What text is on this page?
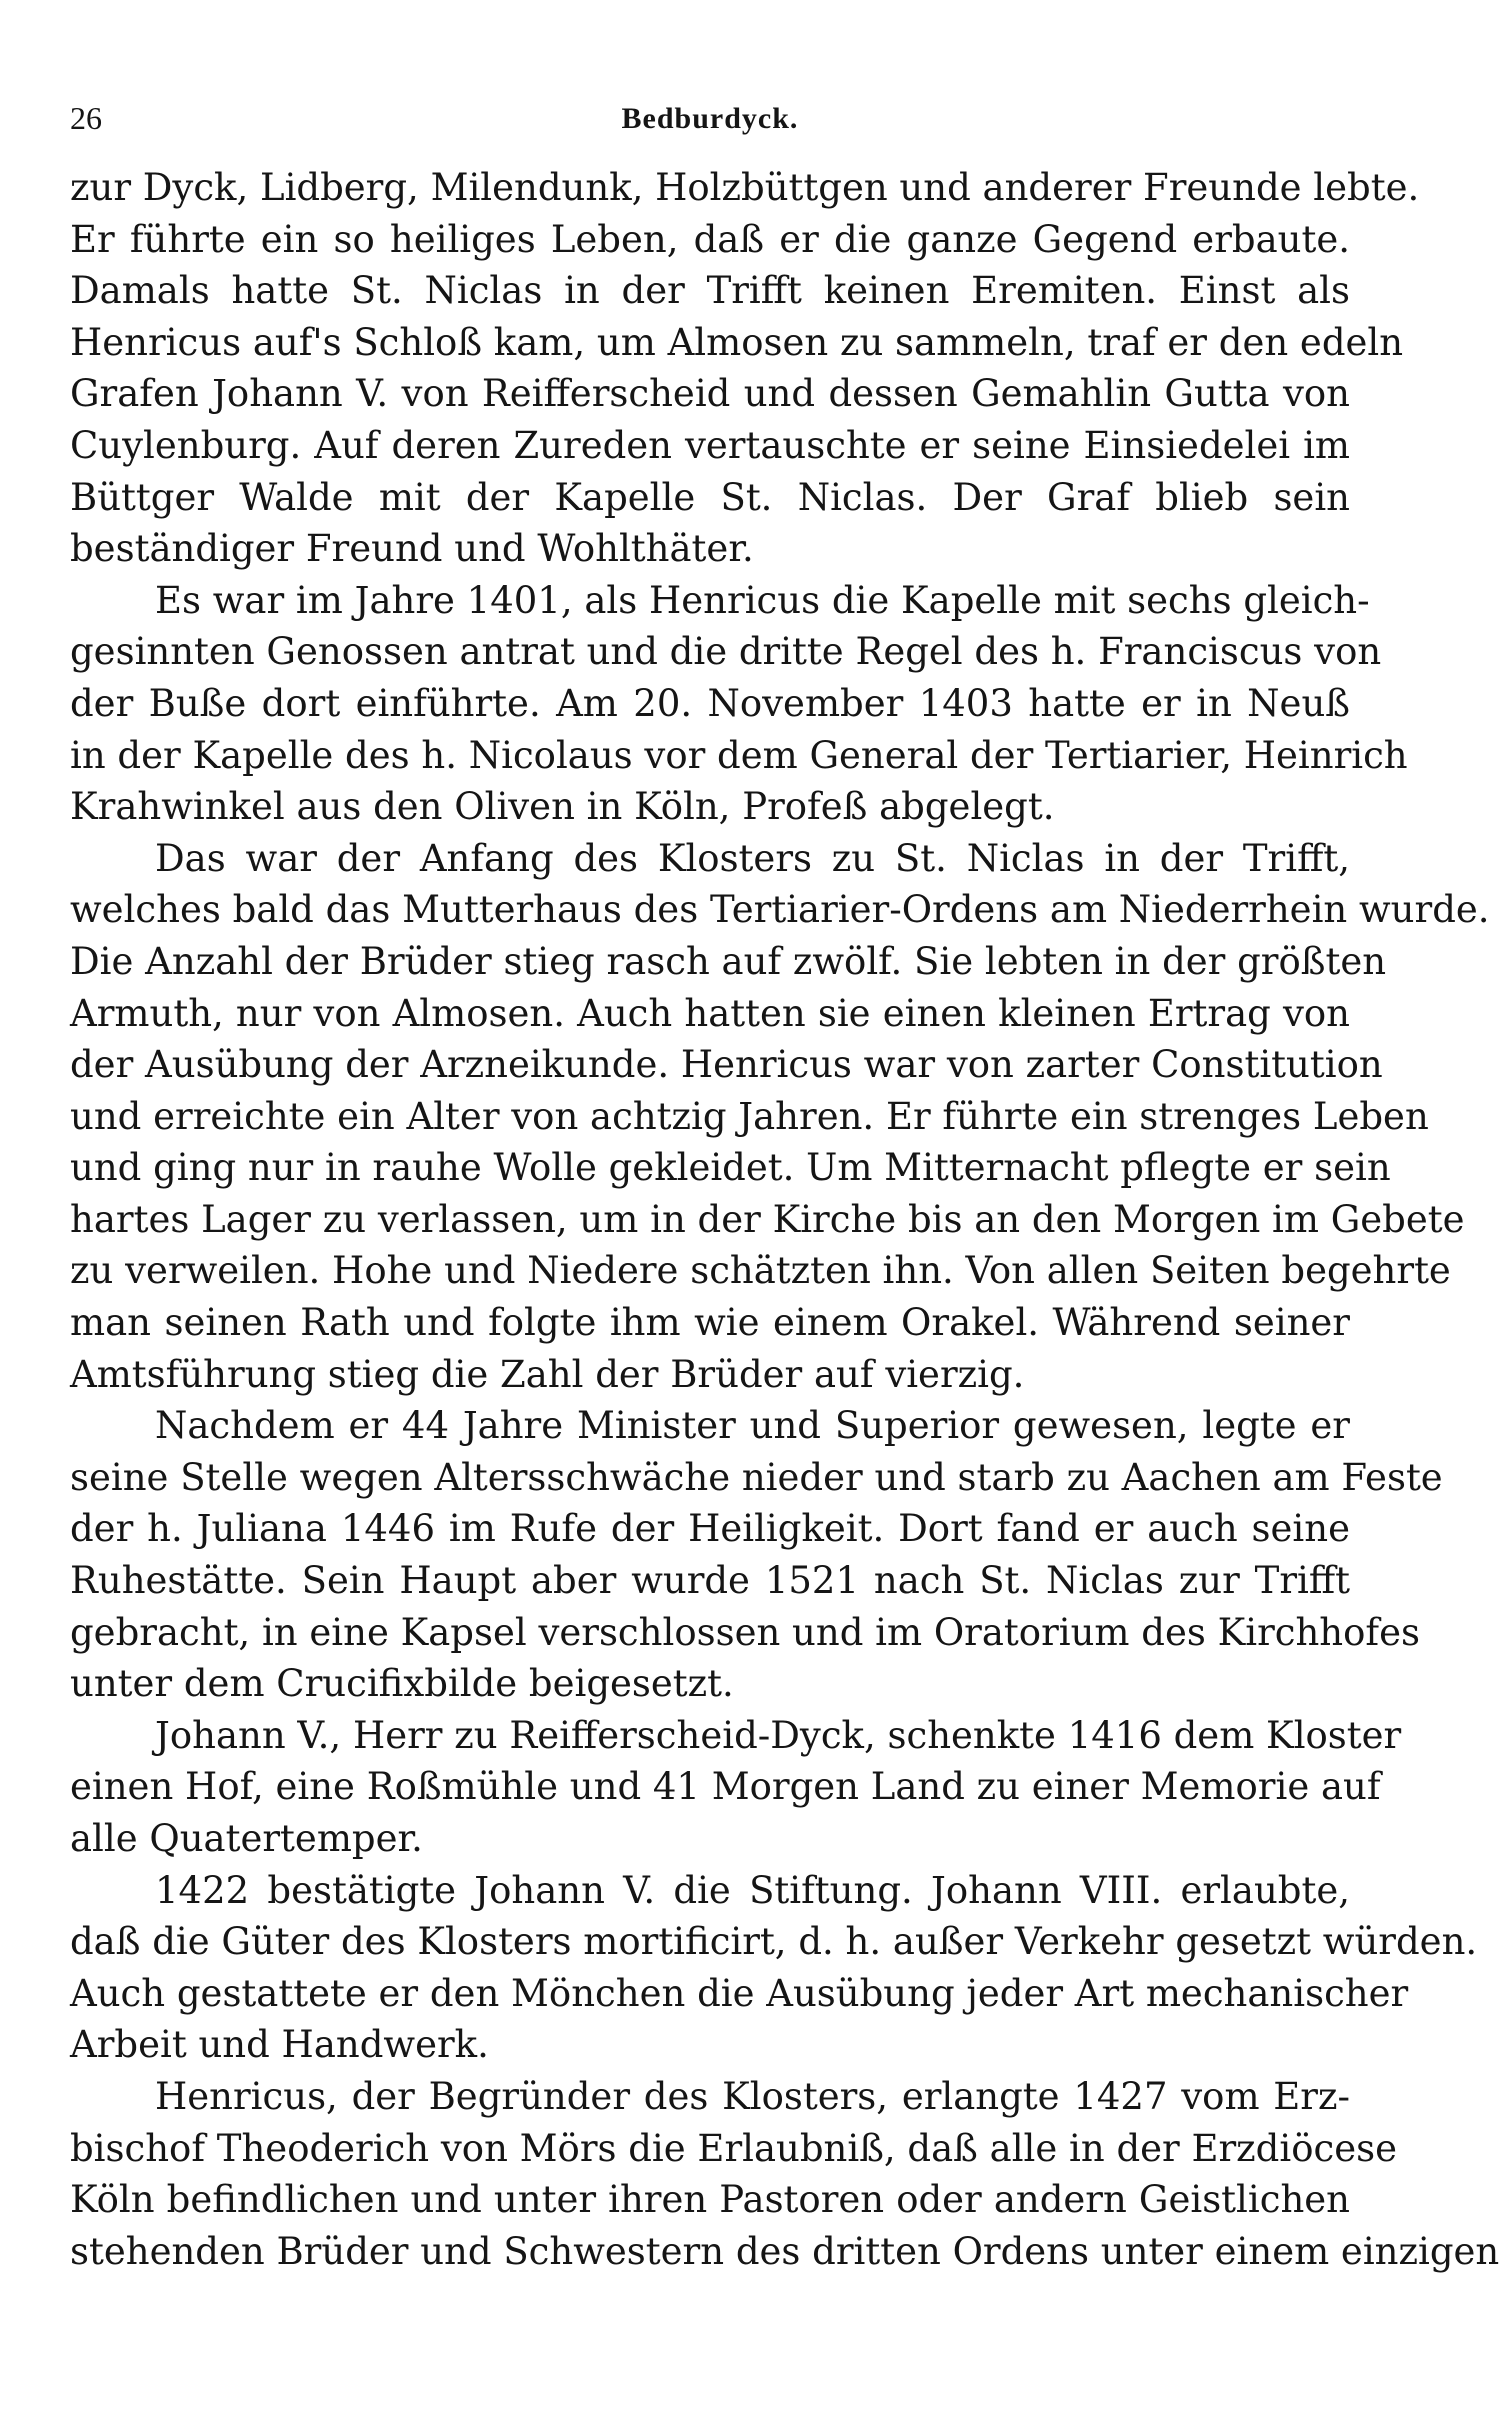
26	Bedburdyck.
zur Dyck, Lidberg, Milendunk, Holzbüttgen und anderer Freunde lebte.
Er führte ein so heiliges Leben, daß er die ganze Gegend erbaute.
Damals hatte St. Niclas in der Trifft keinen Eremiten. Einst als
Henricus auf's Schloß kam, um Almosen zu sammeln, traf er den edeln
Grafen Johann V. von Reifferscheid und dessen Gemahlin Gutta von
Cuylenburg. Auf deren Zureden vertauschte er seine Einsiedelei im
Büttger Walde mit der Kapelle St. Niclas. Der Graf blieb sein
beständiger Freund und Wohlthäter.
Es war im Jahre 1401, als Henricus die Kapelle mit sechs gleich-
gesinnten Genossen antrat und die dritte Regel des h. Franciscus von
der Buße dort einführte. Am 20. November 1403 hatte er in Neuß
in der Kapelle des h. Nicolaus vor dem General der Tertiarier, Heinrich
Krahwinkel aus den Oliven in Köln, Profeß abgelegt.
Das war der Anfang des Klosters zu St. Niclas in der Trifft,
welches bald das Mutterhaus des Tertiarier-Ordens am Niederrhein wurde.
Die Anzahl der Brüder stieg rasch auf zwölf. Sie lebten in der größten
Armuth, nur von Almosen. Auch hatten sie einen kleinen Ertrag von
der Ausübung der Arzneikunde. Henricus war von zarter Constitution
und erreichte ein Alter von achtzig Jahren. Er führte ein strenges Leben
und ging nur in rauhe Wolle gekleidet. Um Mitternacht pflegte er sein
hartes Lager zu verlassen, um in der Kirche bis an den Morgen im Gebete
zu verweilen. Hohe und Niedere schätzten ihn. Von allen Seiten begehrte
man seinen Rath und folgte ihm wie einem Orakel. Während seiner
Amtsführung stieg die Zahl der Brüder auf vierzig.
Nachdem er 44 Jahre Minister und Superior gewesen, legte er
seine Stelle wegen Altersschwäche nieder und starb zu Aachen am Feste
der h. Juliana 1446 im Rufe der Heiligkeit. Dort fand er auch seine
Ruhestätte. Sein Haupt aber wurde 1521 nach St. Niclas zur Trifft
gebracht, in eine Kapsel verschlossen und im Oratorium des Kirchhofes
unter dem Crucifixbilde beigesetzt.
Johann V., Herr zu Reifferscheid-Dyck, schenkte 1416 dem Kloster
einen Hof, eine Roßmühle und 41 Morgen Land zu einer Memorie auf
alle Quatertemper.
1422 bestätigte Johann V. die Stiftung. Johann VIII. erlaubte,
daß die Güter des Klosters mortificirt, d. h. außer Verkehr gesetzt würden.
Auch gestattete er den Mönchen die Ausübung jeder Art mechanischer
Arbeit und Handwerk.
Henricus, der Begründer des Klosters, erlangte 1427 vom Erz-
bischof Theoderich von Mörs die Erlaubniß, daß alle in der Erzdiöcese
Köln befindlichen und unter ihren Pastoren oder andern Geistlichen
stehenden Brüder und Schwestern des dritten Ordens unter einem einzigen
